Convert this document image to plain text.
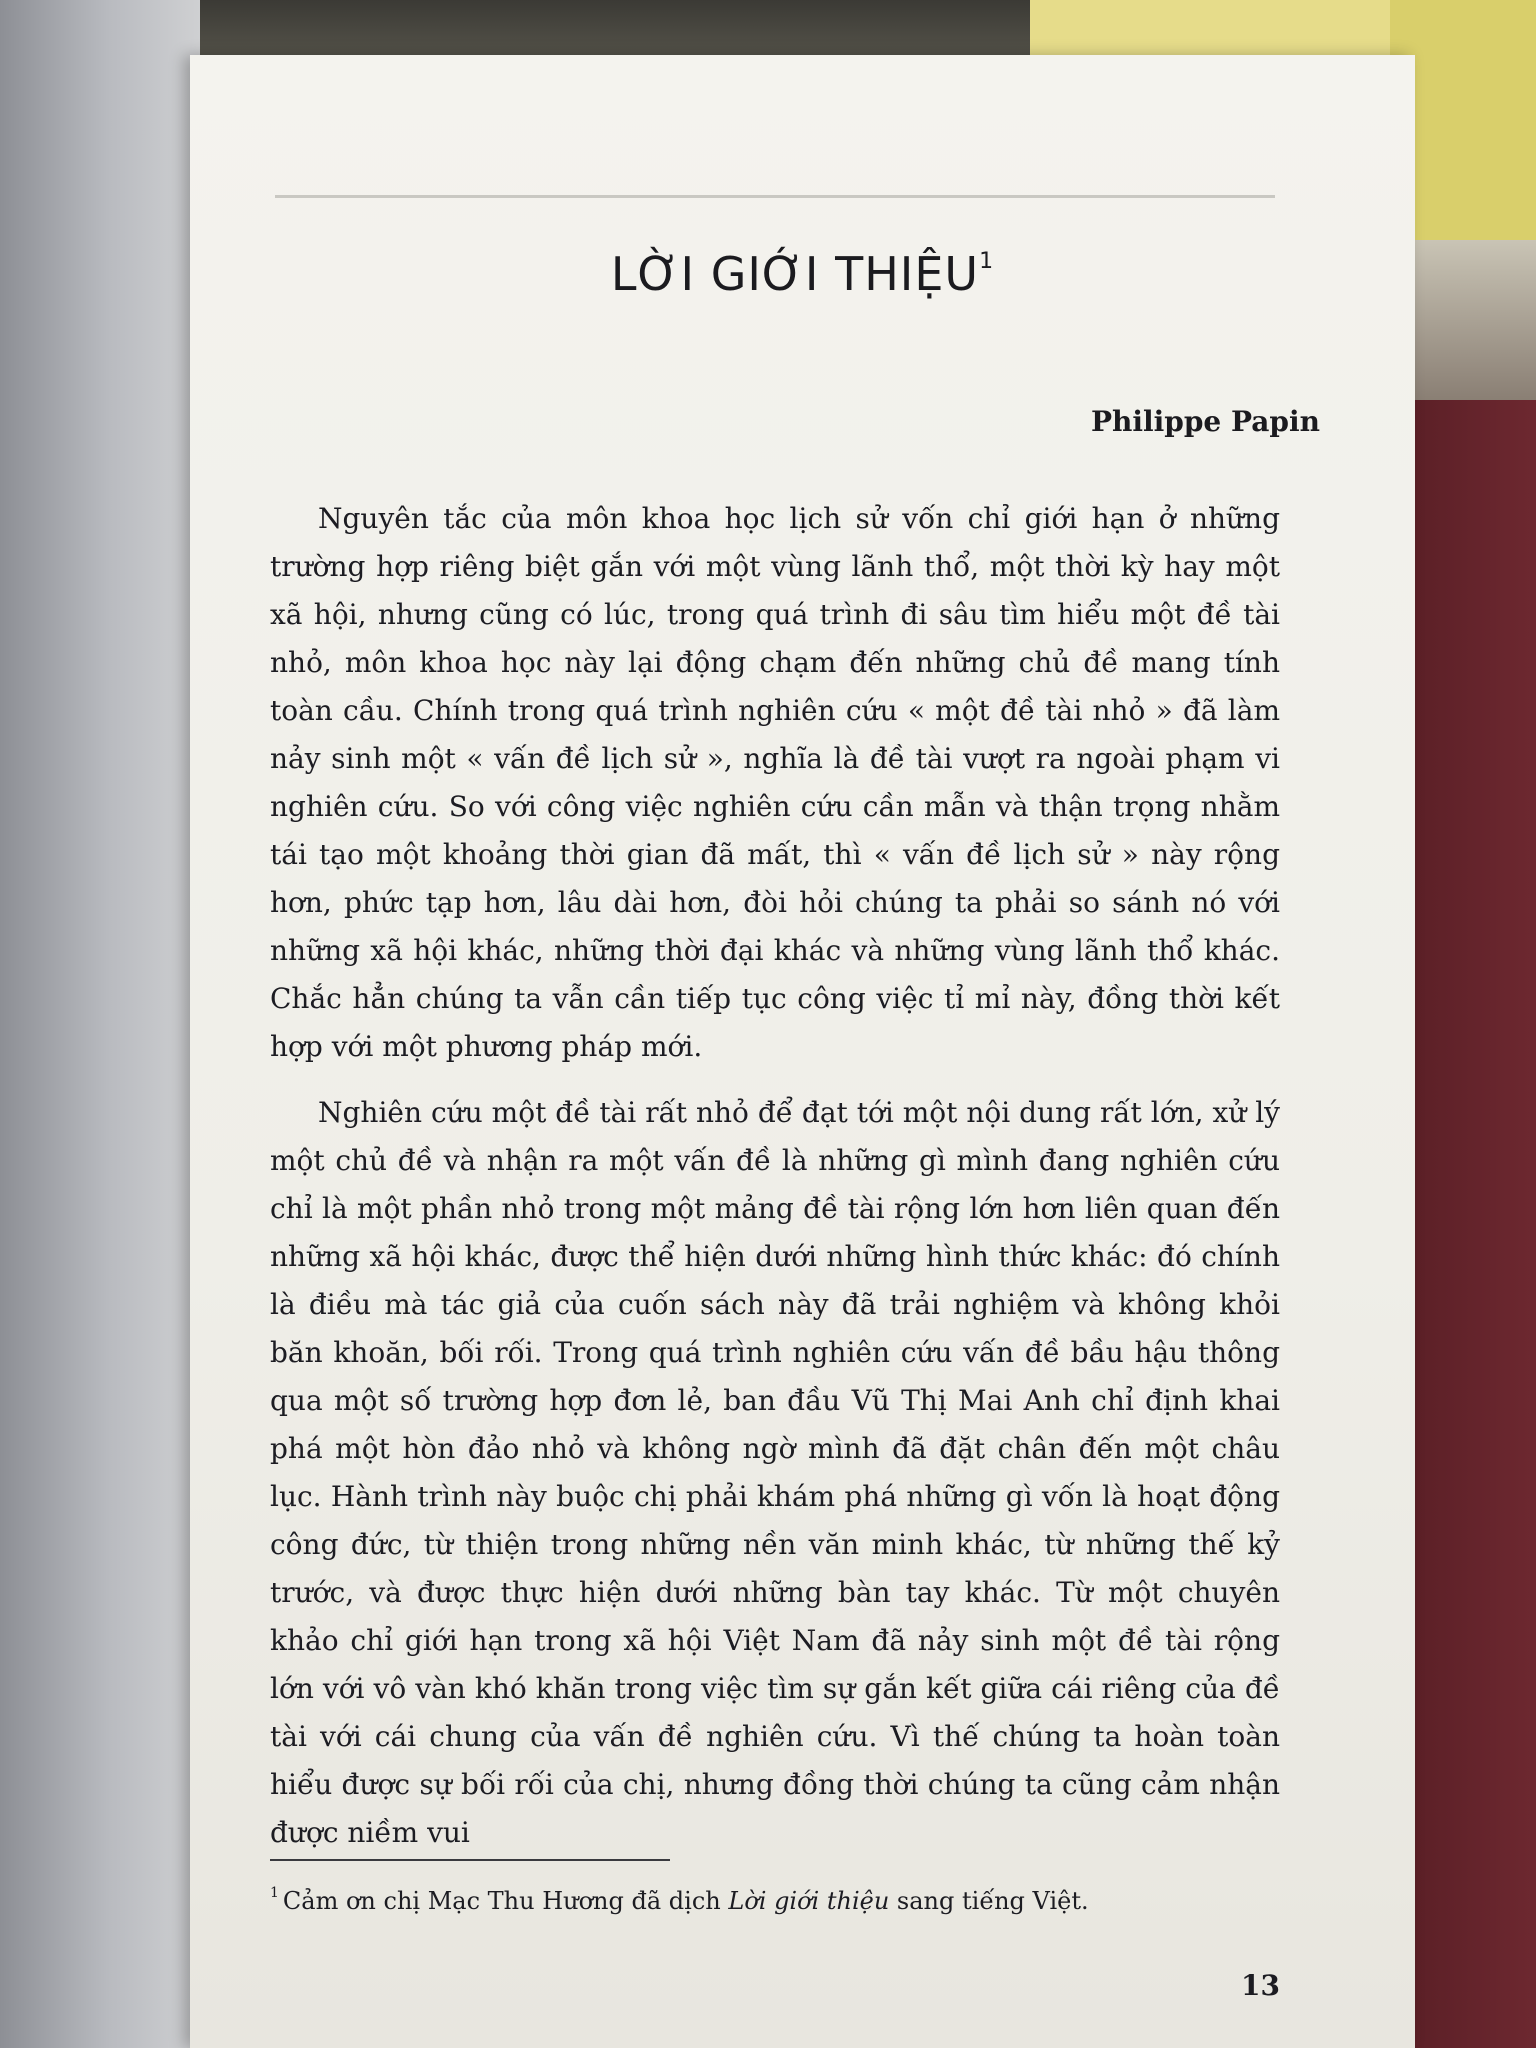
LỜI GIỚI THIỆU$^1$
Philippe Papin

Nguyên tắc của môn khoa học lịch sử vốn chỉ giới hạn ở những trường hợp riêng biệt gắn với một vùng lãnh thổ, một thời kỳ hay một xã hội, nhưng cũng có lúc, trong quá trình đi sâu tìm hiểu một đề tài nhỏ, môn khoa học này lại động chạm đến những chủ đề mang tính toàn cầu. Chính trong quá trình nghiên cứu « một đề tài nhỏ » đã làm nảy sinh một « vấn đề lịch sử », nghĩa là đề tài vượt ra ngoài phạm vi nghiên cứu. So với công việc nghiên cứu cần mẫn và thận trọng nhằm tái tạo một khoảng thời gian đã mất, thì « vấn đề lịch sử » này rộng hơn, phức tạp hơn, lâu dài hơn, đòi hỏi chúng ta phải so sánh nó với những xã hội khác, những thời đại khác và những vùng lãnh thổ khác. Chắc hẳn chúng ta vẫn cần tiếp tục công việc tỉ mỉ này, đồng thời kết hợp với một phương pháp mới.

Nghiên cứu một đề tài rất nhỏ để đạt tới một nội dung rất lớn, xử lý một chủ đề và nhận ra một vấn đề là những gì mình đang nghiên cứu chỉ là một phần nhỏ trong một mảng đề tài rộng lớn hơn liên quan đến những xã hội khác, được thể hiện dưới những hình thức khác: đó chính là điều mà tác giả của cuốn sách này đã trải nghiệm và không khỏi băn khoăn, bối rối. Trong quá trình nghiên cứu vấn đề bầu hậu thông qua một số trường hợp đơn lẻ, ban đầu Vũ Thị Mai Anh chỉ định khai phá một hòn đảo nhỏ và không ngờ mình đã đặt chân đến một châu lục. Hành trình này buộc chị phải khám phá những gì vốn là hoạt động công đức, từ thiện trong những nền văn minh khác, từ những thế kỷ trước, và được thực hiện dưới những bàn tay khác. Từ một chuyên khảo chỉ giới hạn trong xã hội Việt Nam đã nảy sinh một đề tài rộng lớn với vô vàn khó khăn trong việc tìm sự gắn kết giữa cái riêng của đề tài với cái chung của vấn đề nghiên cứu. Vì thế chúng ta hoàn toàn hiểu được sự bối rối của chị, nhưng đồng thời chúng ta cũng cảm nhận được niềm vui

$^1$ Cảm ơn chị Mạc Thu Hương đã dịch Lời giới thiệu sang tiếng Việt.
13
